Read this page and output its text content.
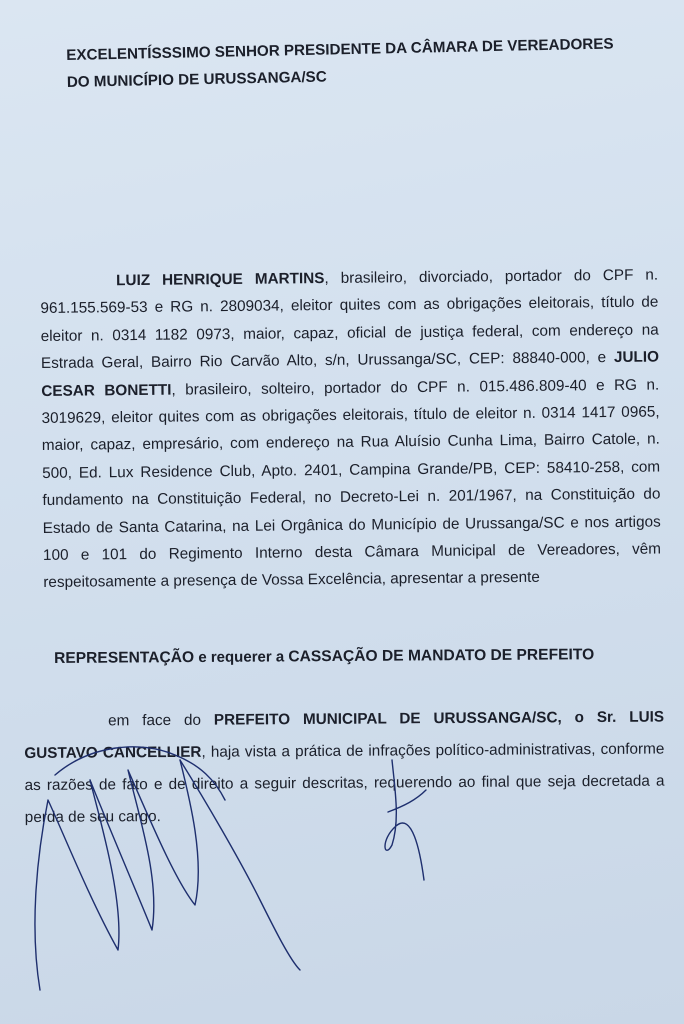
EXCELENTÍSSSIMO SENHOR PRESIDENTE DA CÂMARA DE VEREADORES
DO MUNICÍPIO DE URUSSANGA/SC
LUIZ HENRIQUE MARTINS, brasileiro, divorciado, portador do CPF n. 961.155.569-53 e RG n. 2809034, eleitor quites com as obrigações eleitorais, título de eleitor n. 0314 1182 0973, maior, capaz, oficial de justiça federal, com endereço na Estrada Geral, Bairro Rio Carvão Alto, s/n, Urussanga/SC, CEP: 88840-000, e JULIO CESAR BONETTI, brasileiro, solteiro, portador do CPF n. 015.486.809-40 e RG n. 3019629, eleitor quites com as obrigações eleitorais, título de eleitor n. 0314 1417 0965, maior, capaz, empresário, com endereço na Rua Aluísio Cunha Lima, Bairro Catole, n. 500, Ed. Lux Residence Club, Apto. 2401, Campina Grande/PB, CEP: 58410-258, com fundamento na Constituição Federal, no Decreto-Lei n. 201/1967, na Constituição do Estado de Santa Catarina, na Lei Orgânica do Município de Urussanga/SC e nos artigos 100 e 101 do Regimento Interno desta Câmara Municipal de Vereadores, vêm respeitosamente a presença de Vossa Excelência, apresentar a presente
REPRESENTAÇÃO e requerer a CASSAÇÃO DE MANDATO DE PREFEITO
em face do PREFEITO MUNICIPAL DE URUSSANGA/SC, o Sr. LUIS GUSTAVO CANCELLIER, haja vista a prática de infrações político-administrativas, conforme as razões de fato e de direito a seguir descritas, requerendo ao final que seja decretada a perda de seu cargo.
